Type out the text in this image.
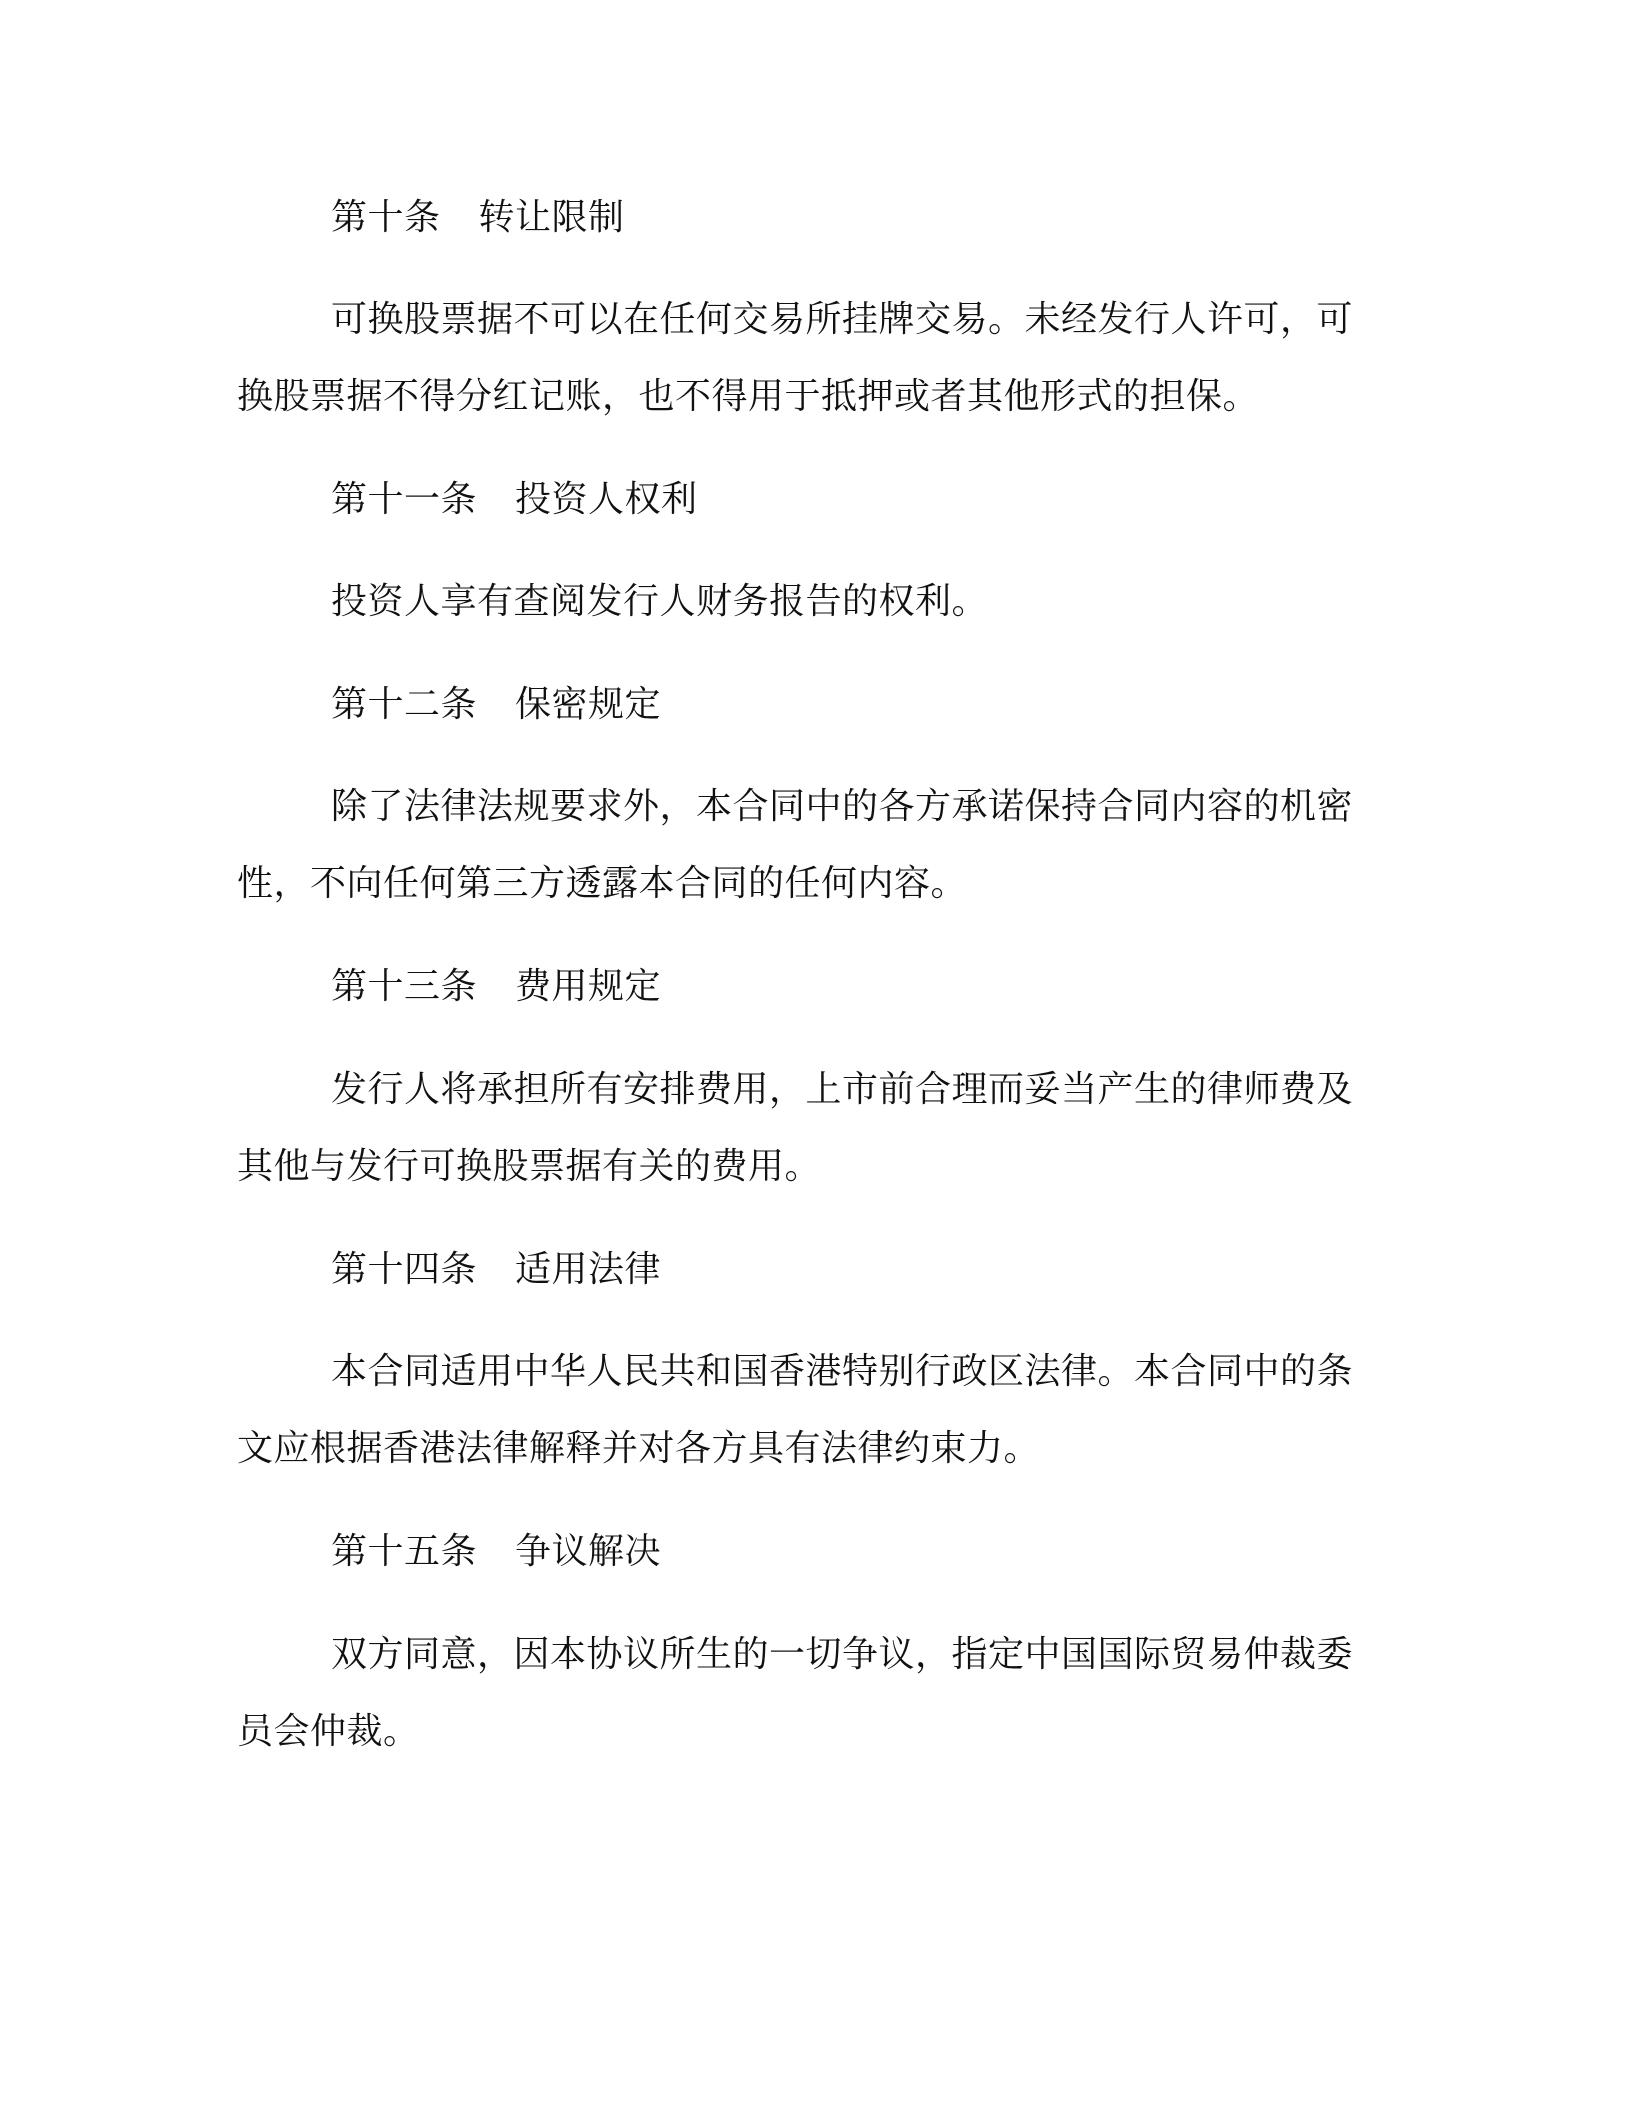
第十条 转让限制

可换股票据不可以在任何交易所挂牌交易。未经发行人许可，可

换股票据不得分红记账，也不得用于抵押或者其他形式的担保。

第十一条 投资人权利

投资人享有查阅发行人财务报告的权利。

第十二条 保密规定

除了法律法规要求外，本合同中的各方承诺保持合同内容的机密

性，不向任何第三方透露本合同的任何内容。

第十三条 费用规定

发行人将承担所有安排费用，上市前合理而妥当产生的律师费及

其他与发行可换股票据有关的费用。

第十四条 适用法律

本合同适用中华人民共和国香港特别行政区法律。本合同中的条

文应根据香港法律解释并对各方具有法律约束力。

第十五条 争议解决

双方同意，因本协议所生的一切争议，指定中国国际贸易仲裁委

员会仲裁。
